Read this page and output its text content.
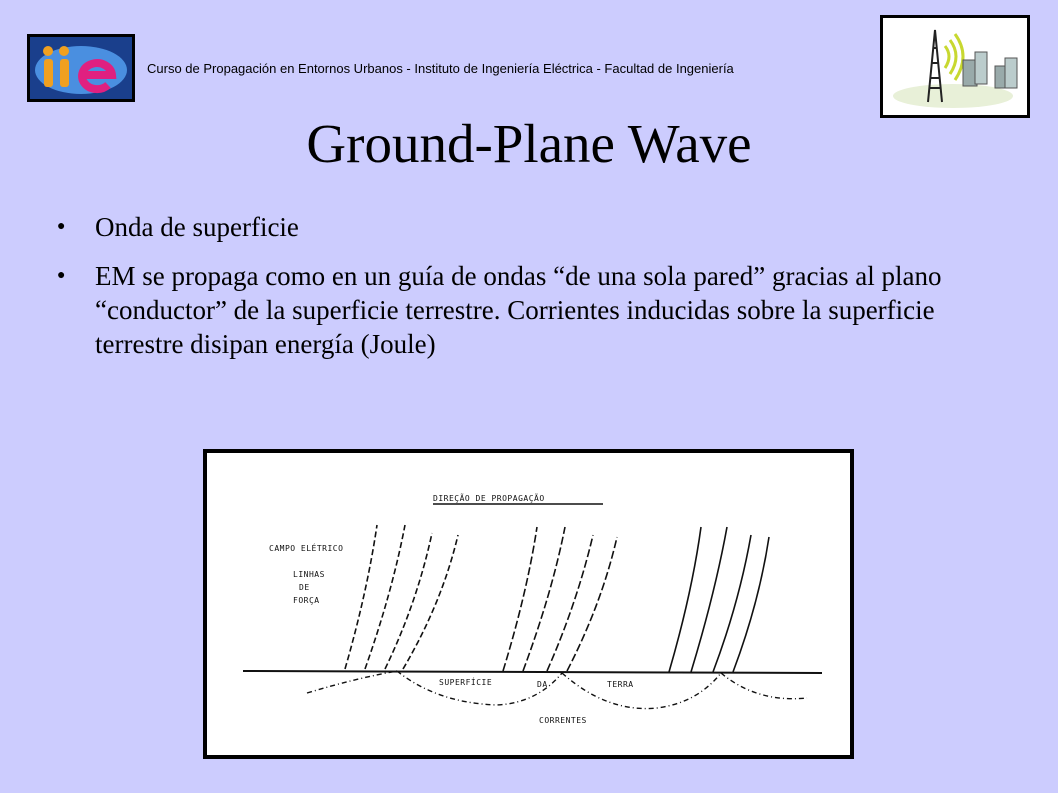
Curso de Propagación en Entornos Urbanos - Instituto de Ingeniería Eléctrica - Facultad de Ingeniería
Ground-Plane Wave
● Onda de superficie
● EM se propaga como en un guía de ondas “de una sola pared” gracias al plano “conductor” de la superficie terrestre. Corrientes inducidas sobre la superficie terrestre disipan energía (Joule)
DIREÇÃO DE PROPAGAÇÃO
CAMPO ELÉTRICO
LINHAS
DE
FORÇA
SUPERFÍCIE	DA	TERRA
CORRENTES
